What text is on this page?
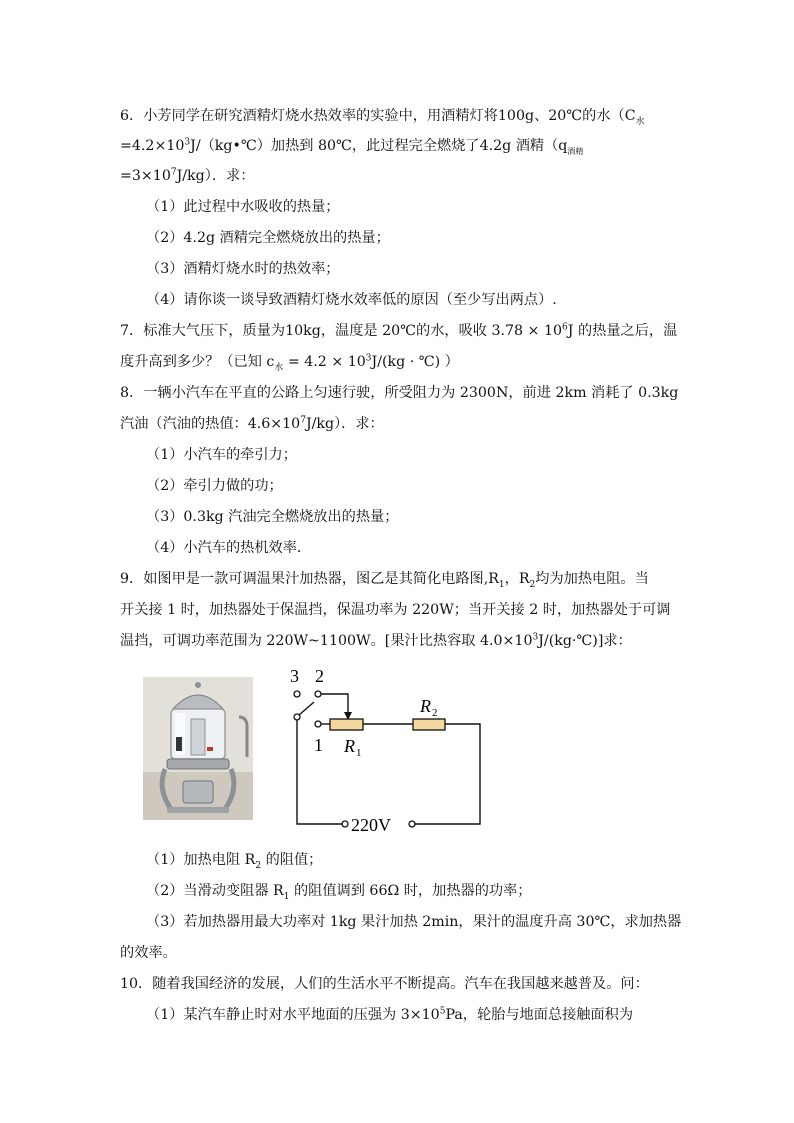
6．小芳同学在研究酒精灯烧水热效率的实验中，用酒精灯将100g、20℃的水（$C_水$
$=4.2\times 10^3J/(kg•℃)$加热到 80℃，此过程完全燃烧了4.2g 酒精（$q_{酒精}$
$=3\times 10^7J/kg$）．求：
（1）此过程中水吸收的热量；
（2）4.2g 酒精完全燃烧放出的热量；
（3）酒精灯烧水时的热效率；
（4）请你谈一谈导致酒精灯烧水效率低的原因（至少写出两点）.
7．标准大气压下，质量为10kg，温度是 20℃的水，吸收 $3.78 \times 10^6J$ 的热量之后，温
度升高到多少？（已知 $c_水 = 4.2 \times 10^3J/(kg$ · ℃) ）
8．一辆小汽车在平直的公路上匀速行驶，所受阻力为 2300N，前进 2km 消耗了 0.3kg
汽油（汽油的热值：$4.6\times 10^7J/kg$）．求：
（1）小汽车的牵引力；
（2）牵引力做的功；
（3）0.3kg 汽油完全燃烧放出的热量；
（4）小汽车的热机效率．
9．如图甲是一款可调温果汁加热器，图乙是其简化电路图$,R_1$，$R_2$均为加热电阻。当
开关接 1 时，加热器处于保温挡，保温功率为 220W；当开关接 2 时，加热器处于可调
温挡，可调功率范围为 220W~1100W。[果汁比热容取 $4.0\times 10^3J/(kg\cdot℃)$]求：
3 2
220V
1 R 1
R 2
（1）加热电阻 $R_2$ 的阻值；
（2）当滑动变阻器 $R_1$ 的阻值调到 66Ω 时，加热器的功率；
（3）若加热器用最大功率对 1kg 果汁加热 2min，果汁的温度升高 30℃，求加热器
的效率。
10．随着我国经济的发展，人们的生活水平不断提高。汽车在我国越来越普及。问：
（1）某汽车静止时对水平地面的压强为 $3\times 10^5Pa$，轮胎与地面总接触面积为
